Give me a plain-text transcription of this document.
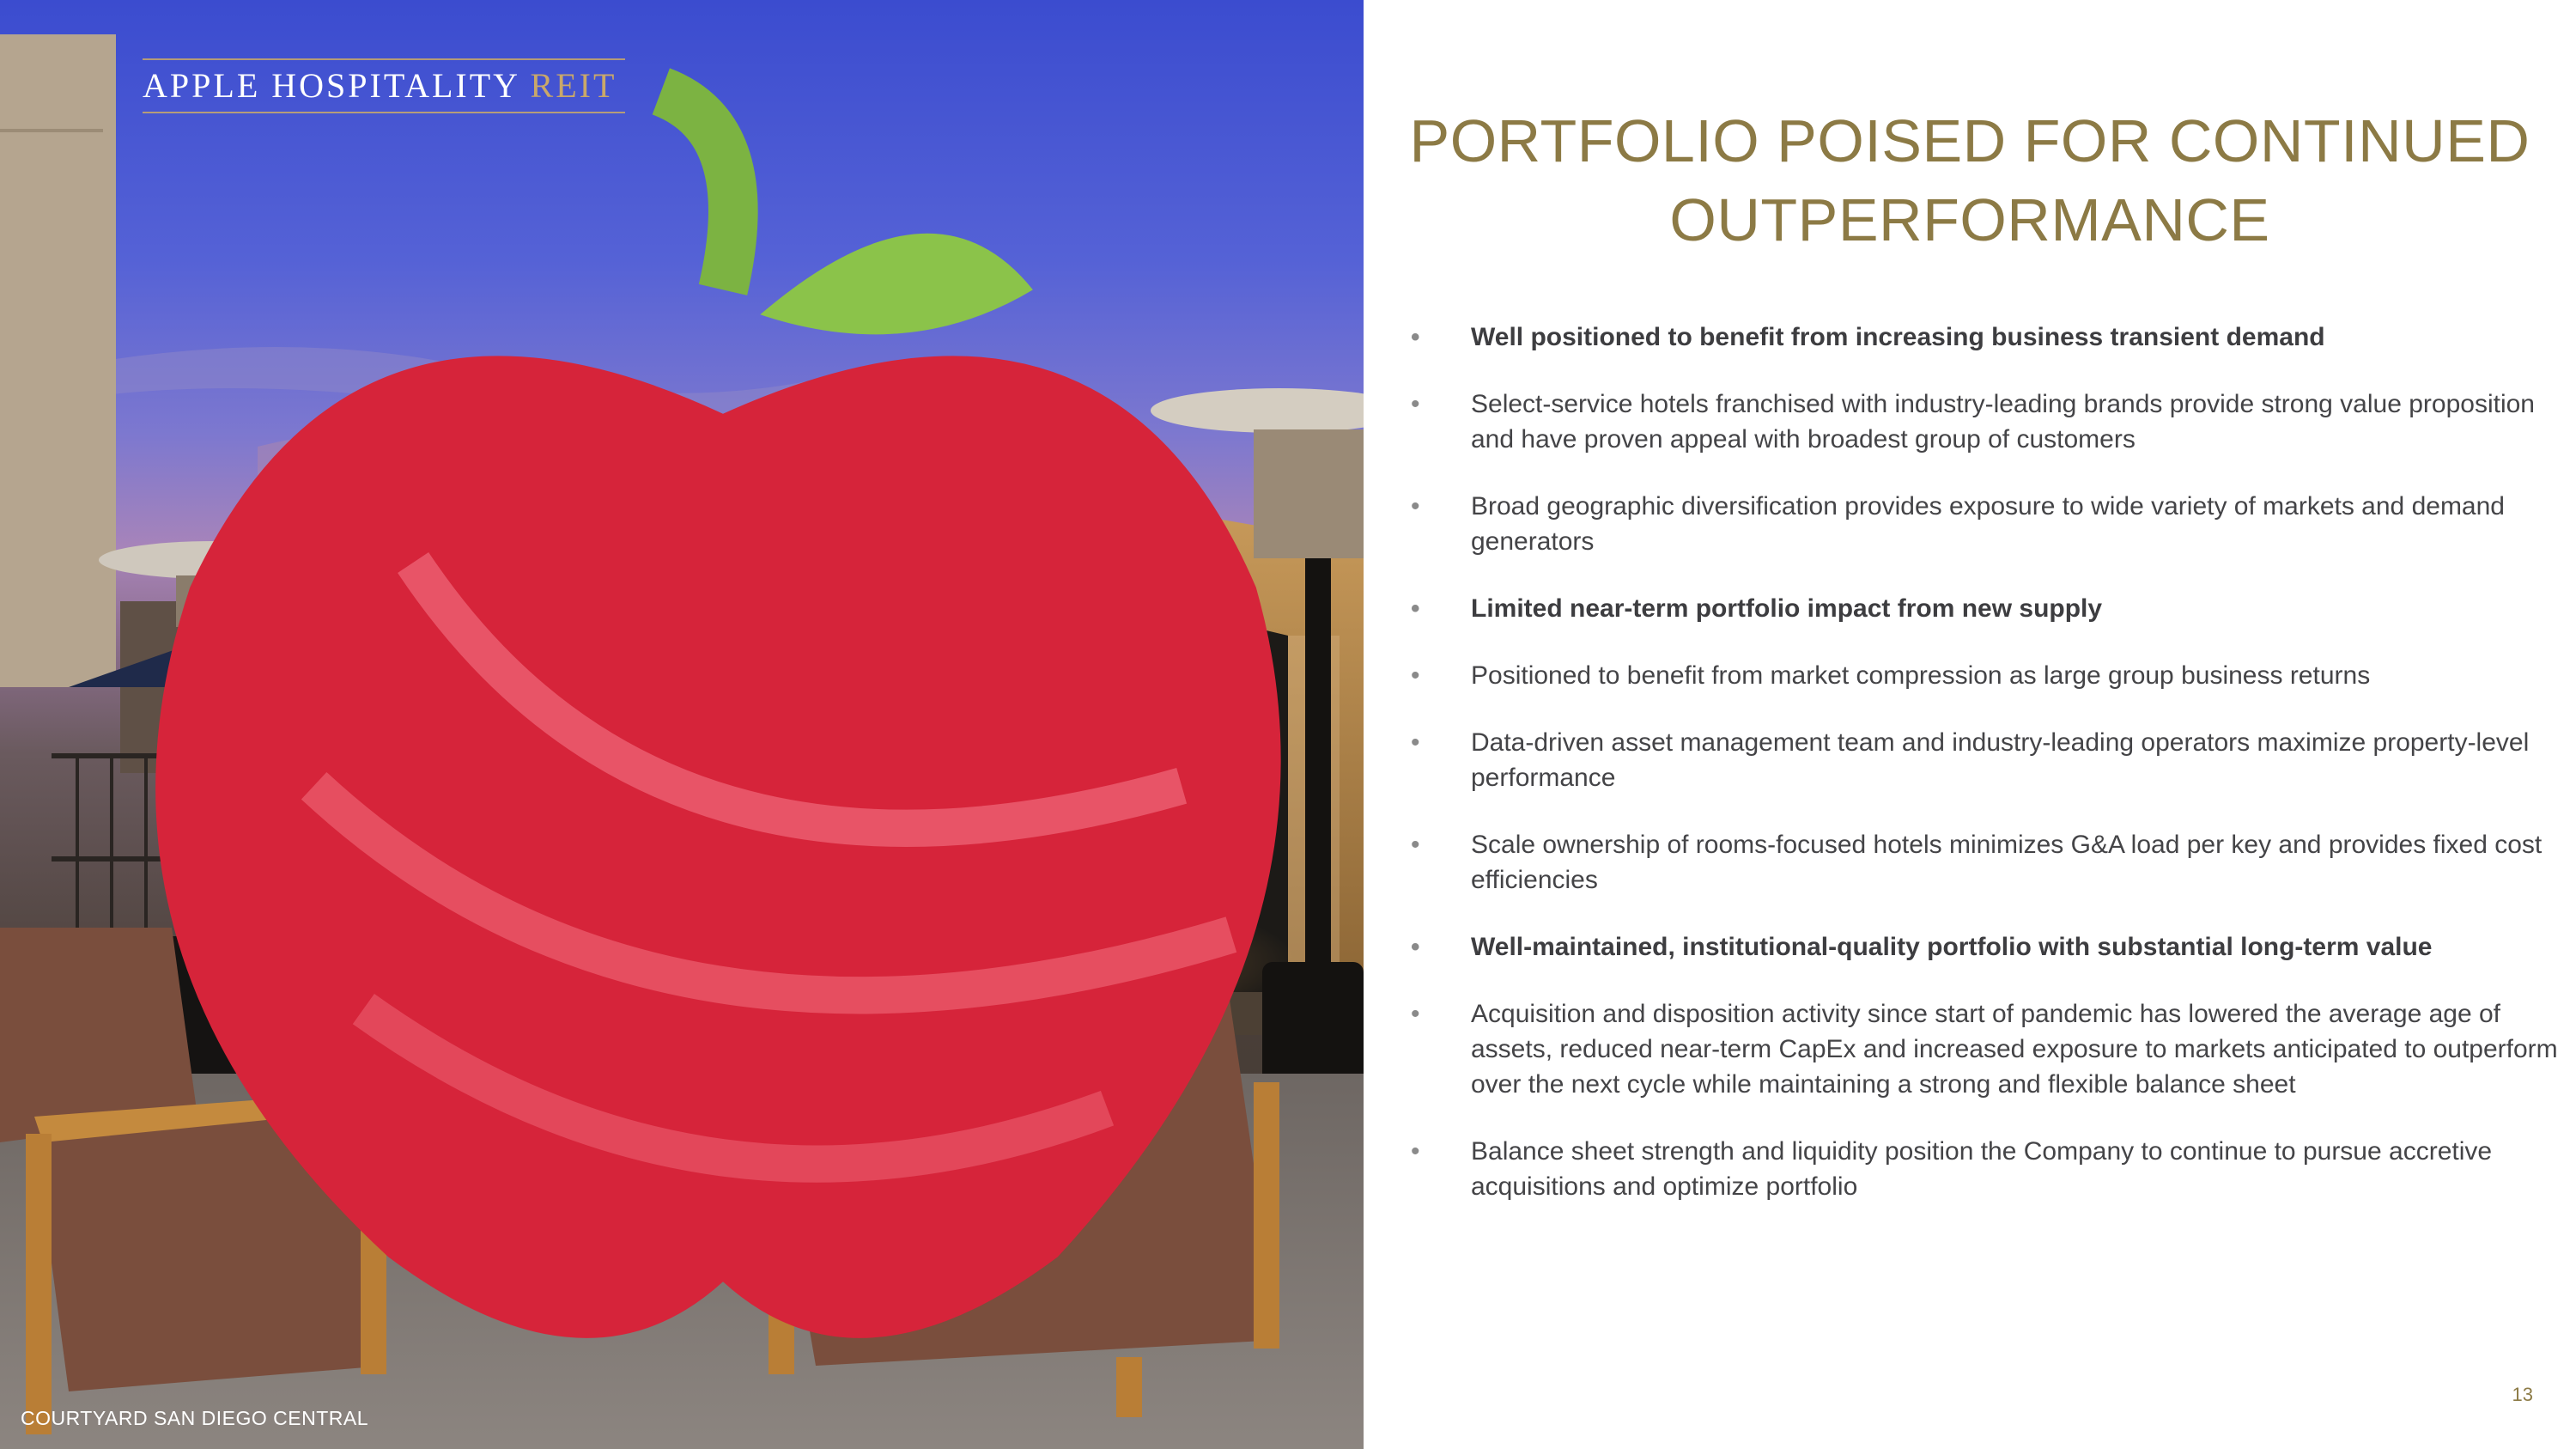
APPLE HOSPITALITY REIT
COURTYARD SAN DIEGO CENTRAL
PORTFOLIO POISED FOR CONTINUED OUTPERFORMANCE
• Well positioned to benefit from increasing business transient demand
• Select-service hotels franchised with industry-leading brands provide strong value proposition and have proven appeal with broadest group of customers
• Broad geographic diversification provides exposure to wide variety of markets and demand generators
• Limited near-term portfolio impact from new supply
• Positioned to benefit from market compression as large group business returns
• Data-driven asset management team and industry-leading operators maximize property-level performance
• Scale ownership of rooms-focused hotels minimizes G&A load per key and provides fixed cost efficiencies
• Well-maintained, institutional-quality portfolio with substantial long-term value
• Acquisition and disposition activity since start of pandemic has lowered the average age of assets, reduced near-term CapEx and increased exposure to markets anticipated to outperform over the next cycle while maintaining a strong and flexible balance sheet
• Balance sheet strength and liquidity position the Company to continue to pursue accretive acquisitions and optimize portfolio
13
